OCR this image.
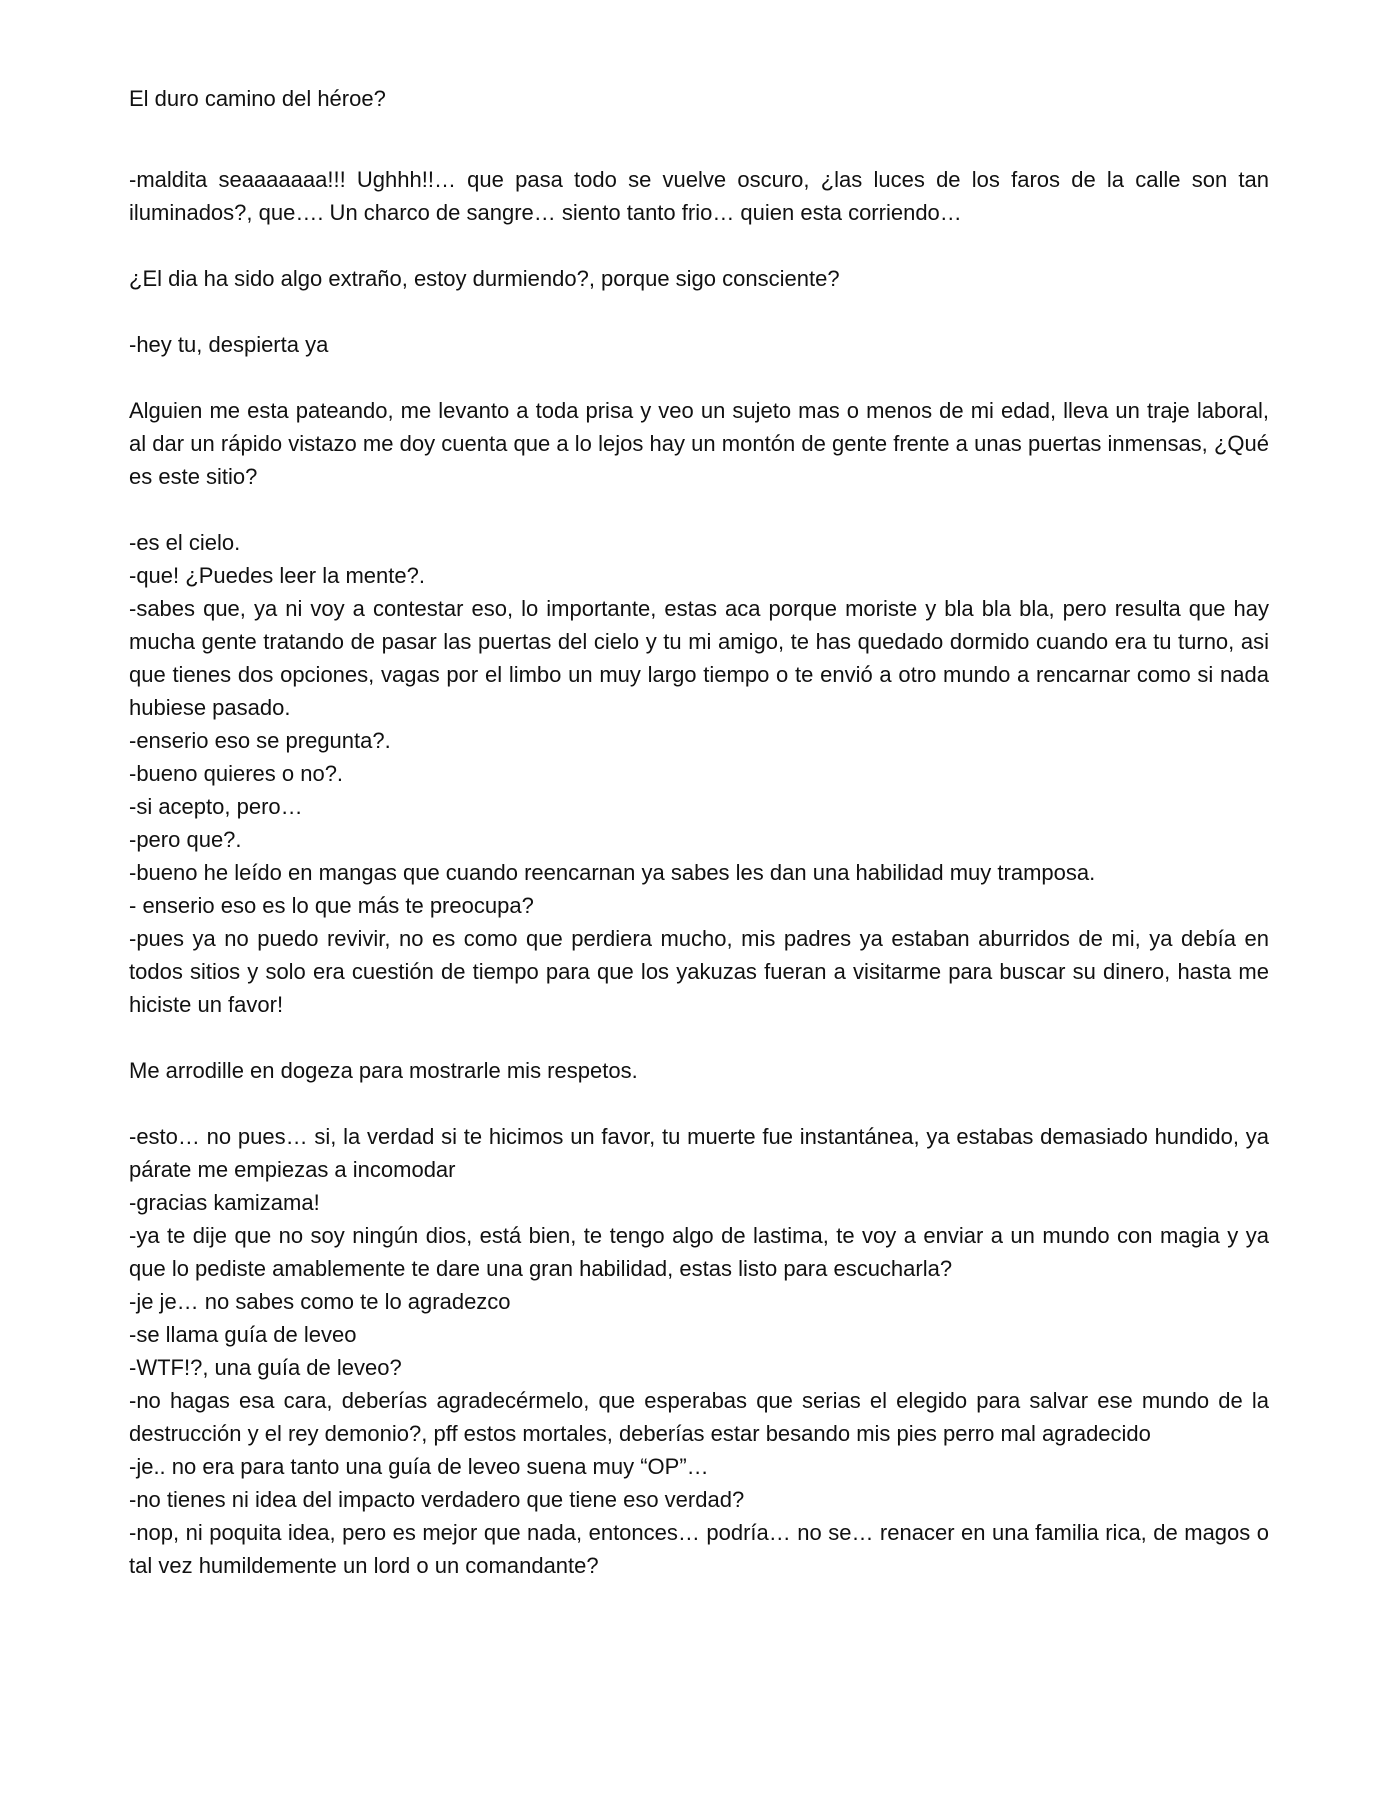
El duro camino del héroe?

-maldita seaaaaaaa!!! Ughhh!!… que pasa todo se vuelve oscuro, ¿las luces de los faros de la calle son tan iluminados?, que…. Un charco de sangre… siento tanto frio… quien esta corriendo…

¿El dia ha sido algo extraño, estoy durmiendo?, porque sigo consciente?

-hey tu, despierta ya

Alguien me esta pateando, me levanto a toda prisa y veo un sujeto mas o menos de mi edad, lleva un traje laboral, al dar un rápido vistazo me doy cuenta que a lo lejos hay un montón de gente frente a unas puertas inmensas, ¿Qué es este sitio?

-es el cielo.

-que! ¿Puedes leer la mente?.

-sabes que, ya ni voy a contestar eso, lo importante, estas aca porque moriste y bla bla bla, pero resulta que hay mucha gente tratando de pasar las puertas del cielo y tu mi amigo, te has quedado dormido cuando era tu turno, asi que tienes dos opciones, vagas por el limbo un muy largo tiempo o te envió a otro mundo a rencarnar como si nada hubiese pasado.

-enserio eso se pregunta?.

-bueno quieres o no?.

-si acepto, pero…

-pero que?.

-bueno he leído en mangas que cuando reencarnan ya sabes les dan una habilidad muy tramposa.

- enserio eso es lo que más te preocupa?

-pues ya no puedo revivir, no es como que perdiera mucho, mis padres ya estaban aburridos de mi, ya debía en todos sitios y solo era cuestión de tiempo para que los yakuzas fueran a visitarme para buscar su dinero, hasta me hiciste un favor!

Me arrodille en dogeza para mostrarle mis respetos.

-esto… no pues… si, la verdad si te hicimos un favor, tu muerte fue instantánea, ya estabas demasiado hundido, ya párate me empiezas a incomodar

-gracias kamizama!

-ya te dije que no soy ningún dios, está bien, te tengo algo de lastima, te voy a enviar a un mundo con magia y ya que lo pediste amablemente te dare una gran habilidad, estas listo para escucharla?

-je je… no sabes como te lo agradezco

-se llama guía de leveo

-WTF!?, una guía de leveo?

-no hagas esa cara, deberías agradecérmelo, que esperabas que serias el elegido para salvar ese mundo de la destrucción y el rey demonio?, pff estos mortales, deberías estar besando mis pies perro mal agradecido

-je.. no era para tanto una guía de leveo suena muy “OP”…

-no tienes ni idea del impacto verdadero que tiene eso verdad?

-nop, ni poquita idea, pero es mejor que nada, entonces… podría… no se… renacer en una familia rica, de magos o tal vez humildemente un lord o un comandante?
